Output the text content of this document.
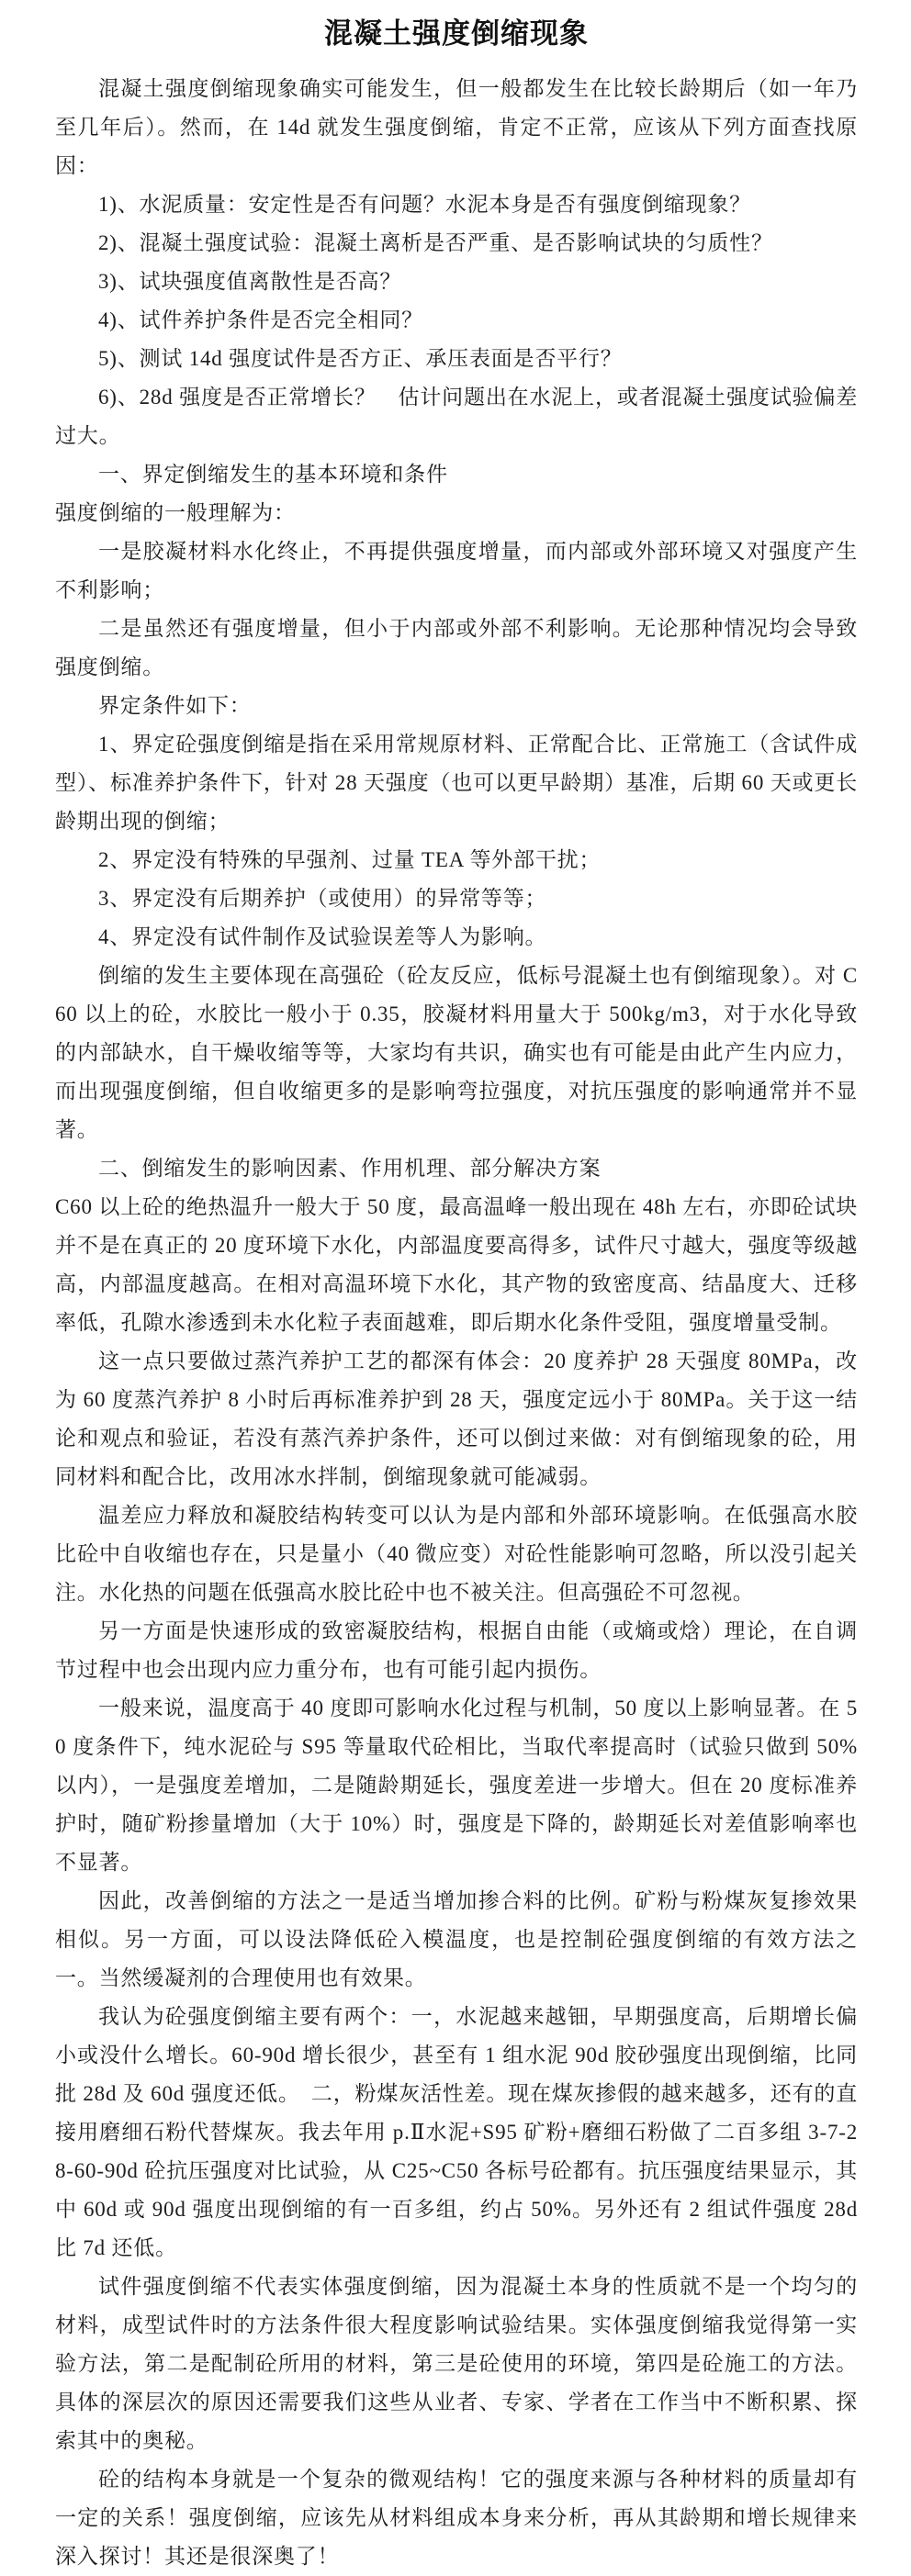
混凝土强度倒缩现象

混凝土强度倒缩现象确实可能发生，但一般都发生在比较长龄期后（如一年乃至几年后）。然而，在 14d 就发生强度倒缩，肯定不正常，应该从下列方面查找原因：

1)、水泥质量：安定性是否有问题？水泥本身是否有强度倒缩现象？

2)、混凝土强度试验：混凝土离析是否严重、是否影响试块的匀质性？

3)、试块强度值离散性是否高？

4)、试件养护条件是否完全相同？

5)、测试 14d 强度试件是否方正、承压表面是否平行？

6)、28d 强度是否正常增长？　估计问题出在水泥上，或者混凝土强度试验偏差过大。

一、界定倒缩发生的基本环境和条件

强度倒缩的一般理解为：

一是胶凝材料水化终止，不再提供强度增量，而内部或外部环境又对强度产生不利影响；

二是虽然还有强度增量，但小于内部或外部不利影响。无论那种情况均会导致强度倒缩。

界定条件如下：

1、界定砼强度倒缩是指在采用常规原材料、正常配合比、正常施工（含试件成型）、标准养护条件下，针对 28 天强度（也可以更早龄期）基准，后期 60 天或更长龄期出现的倒缩；

2、界定没有特殊的早强剂、过量 TEA 等外部干扰；

3、界定没有后期养护（或使用）的异常等等；

4、界定没有试件制作及试验误差等人为影响。

倒缩的发生主要体现在高强砼（砼友反应，低标号混凝土也有倒缩现象）。对 C60 以上的砼，水胶比一般小于 0.35，胶凝材料用量大于 500kg/m3，对于水化导致的内部缺水，自干燥收缩等等，大家均有共识，确实也有可能是由此产生内应力，而出现强度倒缩，但自收缩更多的是影响弯拉强度，对抗压强度的影响通常并不显著。

二、倒缩发生的影响因素、作用机理、部分解决方案

C60 以上砼的绝热温升一般大于 50 度，最高温峰一般出现在 48h 左右，亦即砼试块并不是在真正的 20 度环境下水化，内部温度要高得多，试件尺寸越大，强度等级越高，内部温度越高。在相对高温环境下水化，其产物的致密度高、结晶度大、迁移率低，孔隙水渗透到未水化粒子表面越难，即后期水化条件受阻，强度增量受制。

这一点只要做过蒸汽养护工艺的都深有体会：20 度养护 28 天强度 80MPa，改为 60 度蒸汽养护 8 小时后再标准养护到 28 天，强度定远小于 80MPa。关于这一结论和观点和验证，若没有蒸汽养护条件，还可以倒过来做：对有倒缩现象的砼，用同材料和配合比，改用冰水拌制，倒缩现象就可能减弱。

温差应力释放和凝胶结构转变可以认为是内部和外部环境影响。在低强高水胶比砼中自收缩也存在，只是量小（40 微应变）对砼性能影响可忽略，所以没引起关注。水化热的问题在低强高水胶比砼中也不被关注。但高强砼不可忽视。

另一方面是快速形成的致密凝胶结构，根据自由能（或熵或焓）理论，在自调节过程中也会出现内应力重分布，也有可能引起内损伤。

一般来说，温度高于 40 度即可影响水化过程与机制，50 度以上影响显著。在 50 度条件下，纯水泥砼与 S95 等量取代砼相比，当取代率提高时（试验只做到 50%以内），一是强度差增加，二是随龄期延长，强度差进一步增大。但在 20 度标准养护时，随矿粉掺量增加（大于 10%）时，强度是下降的，龄期延长对差值影响率也不显著。

因此，改善倒缩的方法之一是适当增加掺合料的比例。矿粉与粉煤灰复掺效果相似。另一方面，可以设法降低砼入模温度，也是控制砼强度倒缩的有效方法之一。当然缓凝剂的合理使用也有效果。

我认为砼强度倒缩主要有两个：一，水泥越来越钿，早期强度高，后期增长偏小或没什么增长。60-90d 增长很少，甚至有 1 组水泥 90d 胶砂强度出现倒缩，比同批 28d 及 60d 强度还低。　二，粉煤灰活性差。现在煤灰掺假的越来越多，还有的直接用磨细石粉代替煤灰。我去年用 p.Ⅱ水泥+S95 矿粉+磨细石粉做了二百多组 3-7-28-60-90d 砼抗压强度对比试验，从 C25~C50 各标号砼都有。抗压强度结果显示，其中 60d 或 90d 强度出现倒缩的有一百多组，约占 50%。另外还有 2 组试件强度 28d 比 7d 还低。

试件强度倒缩不代表实体强度倒缩，因为混凝土本身的性质就不是一个均匀的材料，成型试件时的方法条件很大程度影响试验结果。实体强度倒缩我觉得第一实验方法，第二是配制砼所用的材料，第三是砼使用的环境，第四是砼施工的方法。具体的深层次的原因还需要我们这些从业者、专家、学者在工作当中不断积累、探索其中的奥秘。

砼的结构本身就是一个复杂的微观结构！它的强度来源与各种材料的质量却有一定的关系！强度倒缩，应该先从材料组成本身来分析，再从其龄期和增长规律来深入探讨！其还是很深奥了！
